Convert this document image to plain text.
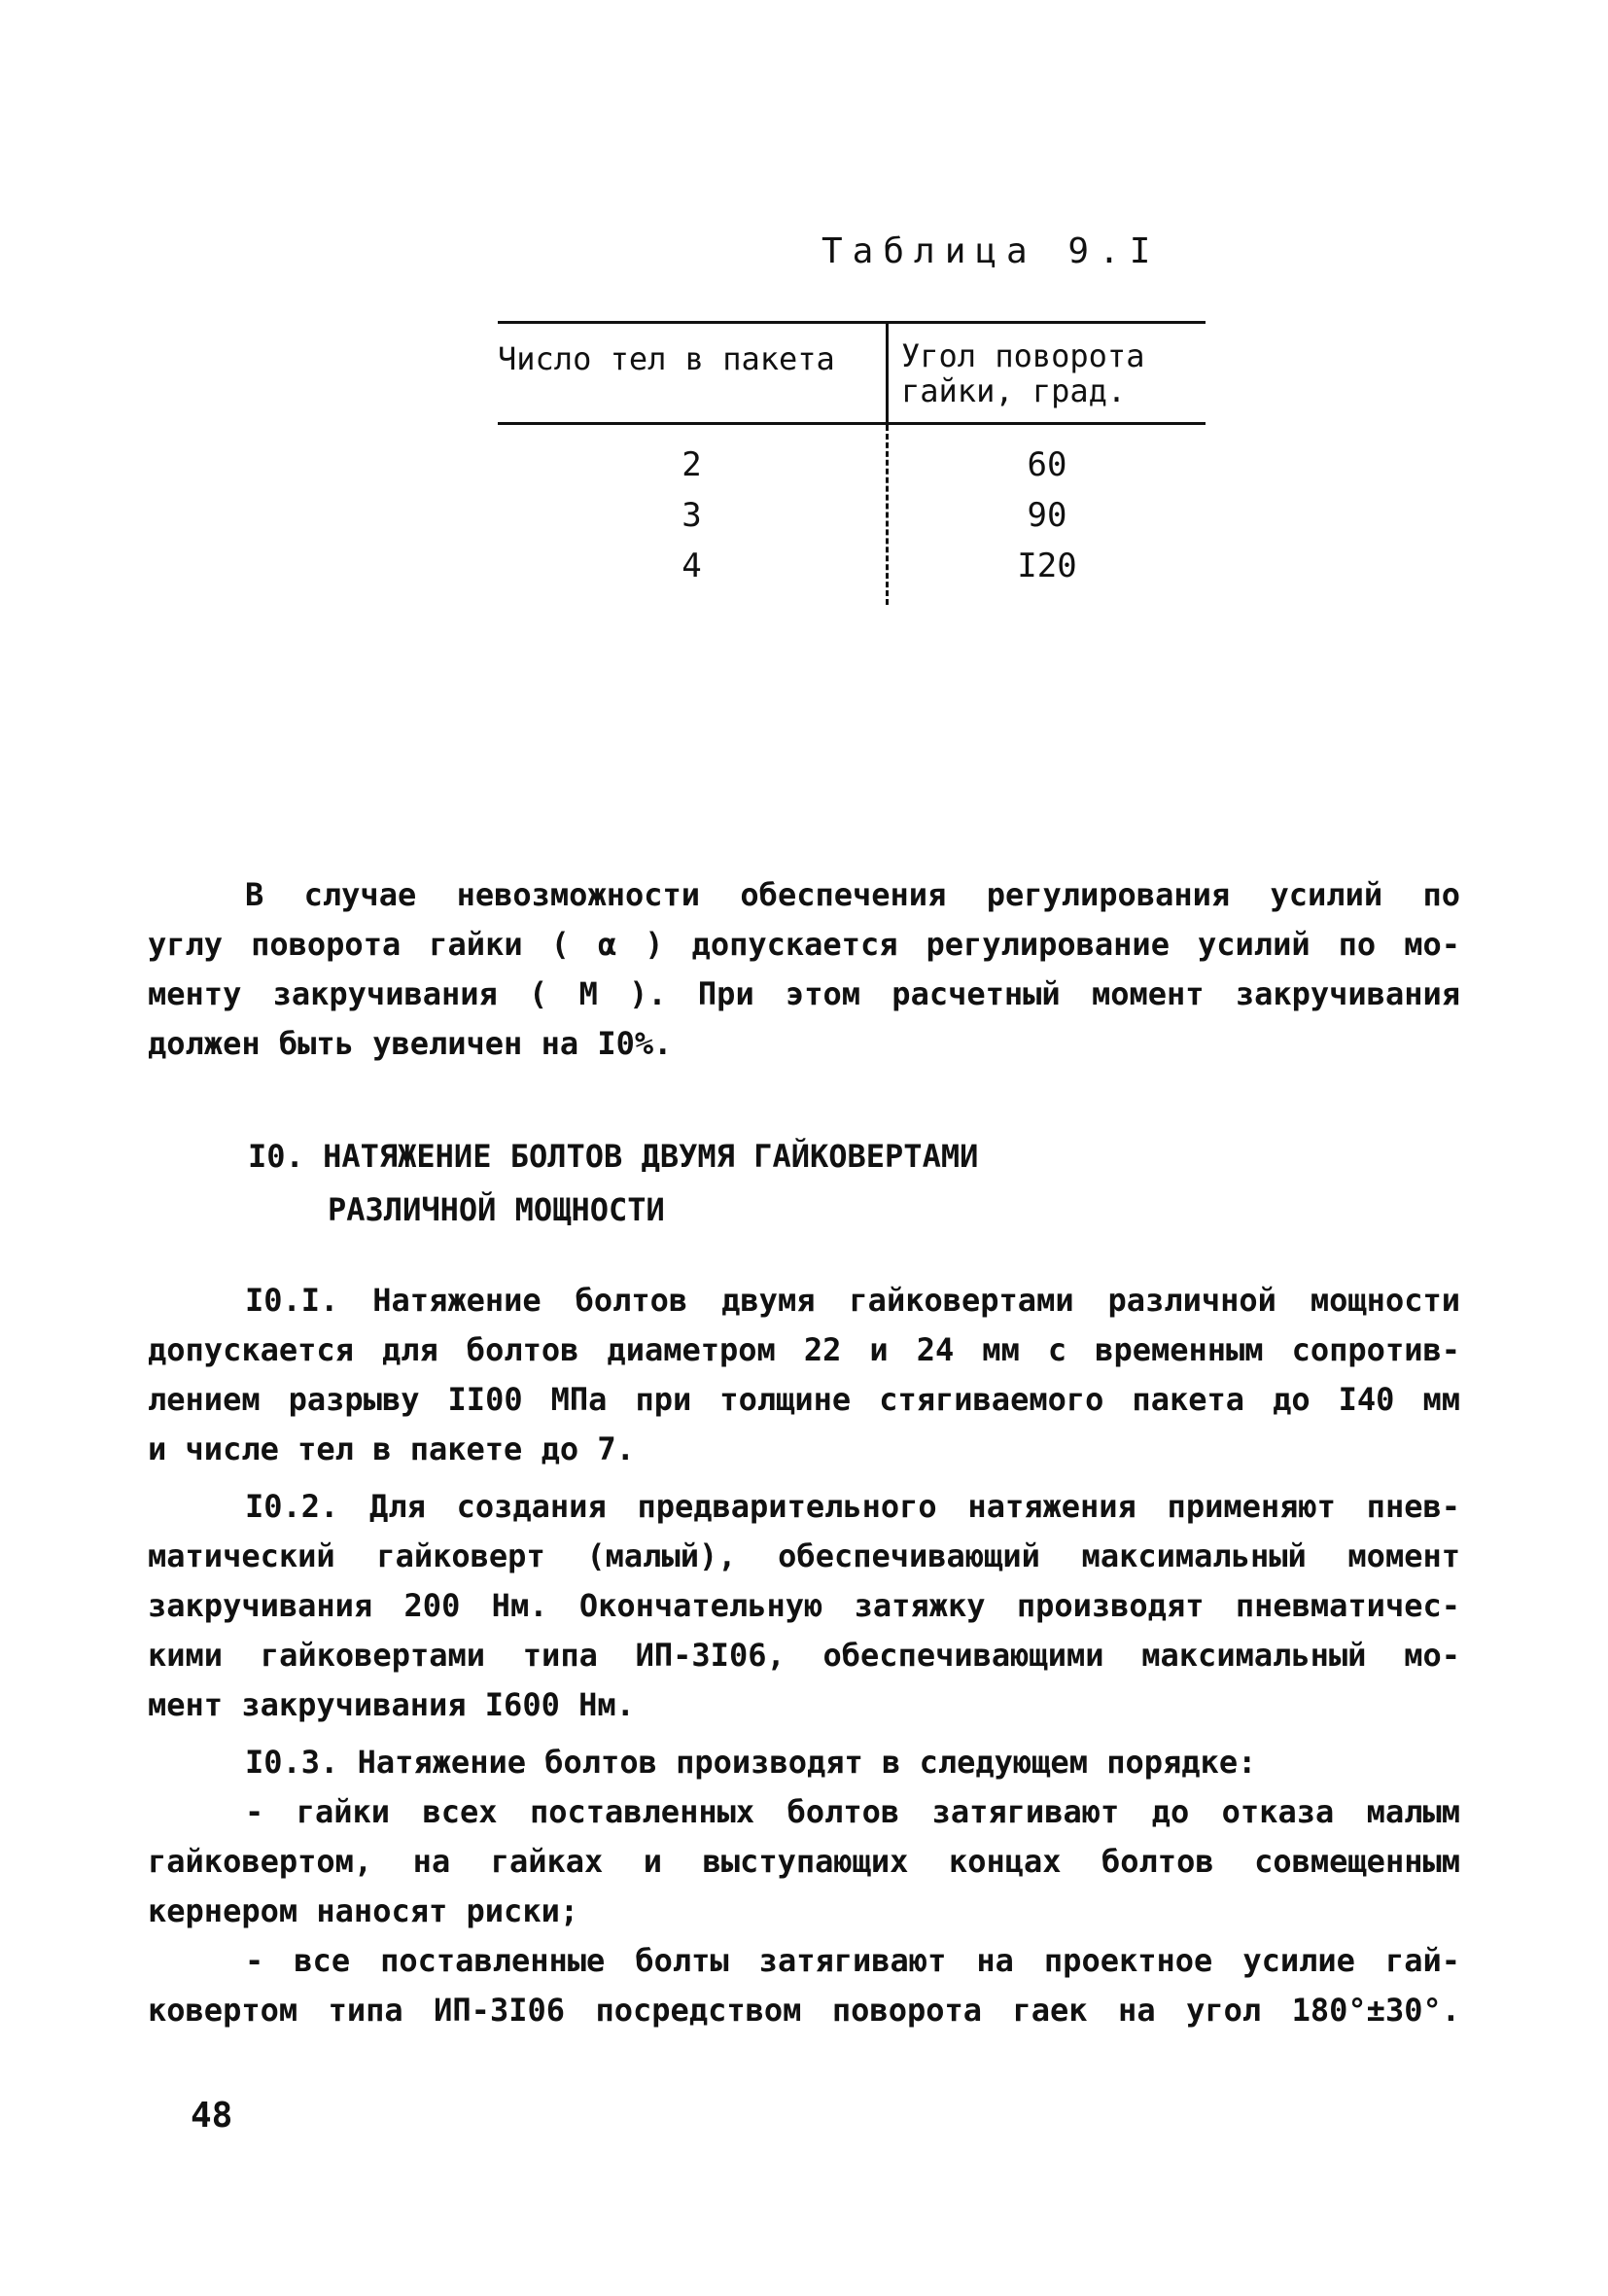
Таблица 9.I
Число тел в пакета	Угол поворота гайки, град.
2	60
3	90
4	I20
В случае невозможности обеспечения регулирования усилий по
углу поворота гайки ( α ) допускается регулирование усилий по мо-
менту закручивания ( M ). При этом расчетный момент закручивания
должен быть увеличен на I0%.
I0. НАТЯЖЕНИЕ БОЛТОВ ДВУМЯ ГАЙКОВЕРТАМИ
РАЗЛИЧНОЙ МОЩНОСТИ
I0.I. Натяжение болтов двумя гайковертами различной мощности
допускается для болтов диаметром 22 и 24 мм с временным сопротив-
лением разрыву II00 МПа при толщине стягиваемого пакета до I40 мм
и числе тел в пакете до 7.
I0.2. Для создания предварительного натяжения применяют пнев-
матический гайковерт (малый), обеспечивающий максимальный момент
закручивания 200 Нм. Окончательную затяжку производят пневматичес-
кими гайковертами типа ИП-3I06, обеспечивающими максимальный мо-
мент закручивания I600 Нм.
I0.3. Натяжение болтов производят в следующем порядке:
- гайки всех поставленных болтов затягивают до отказа малым
гайковертом, на гайках и выступающих концах болтов совмещенным
кернером наносят риски;
- все поставленные болты затягивают на проектное усилие гай-
ковертом типа ИП-3I06 посредством поворота гаек на угол 180°±30°.
48
